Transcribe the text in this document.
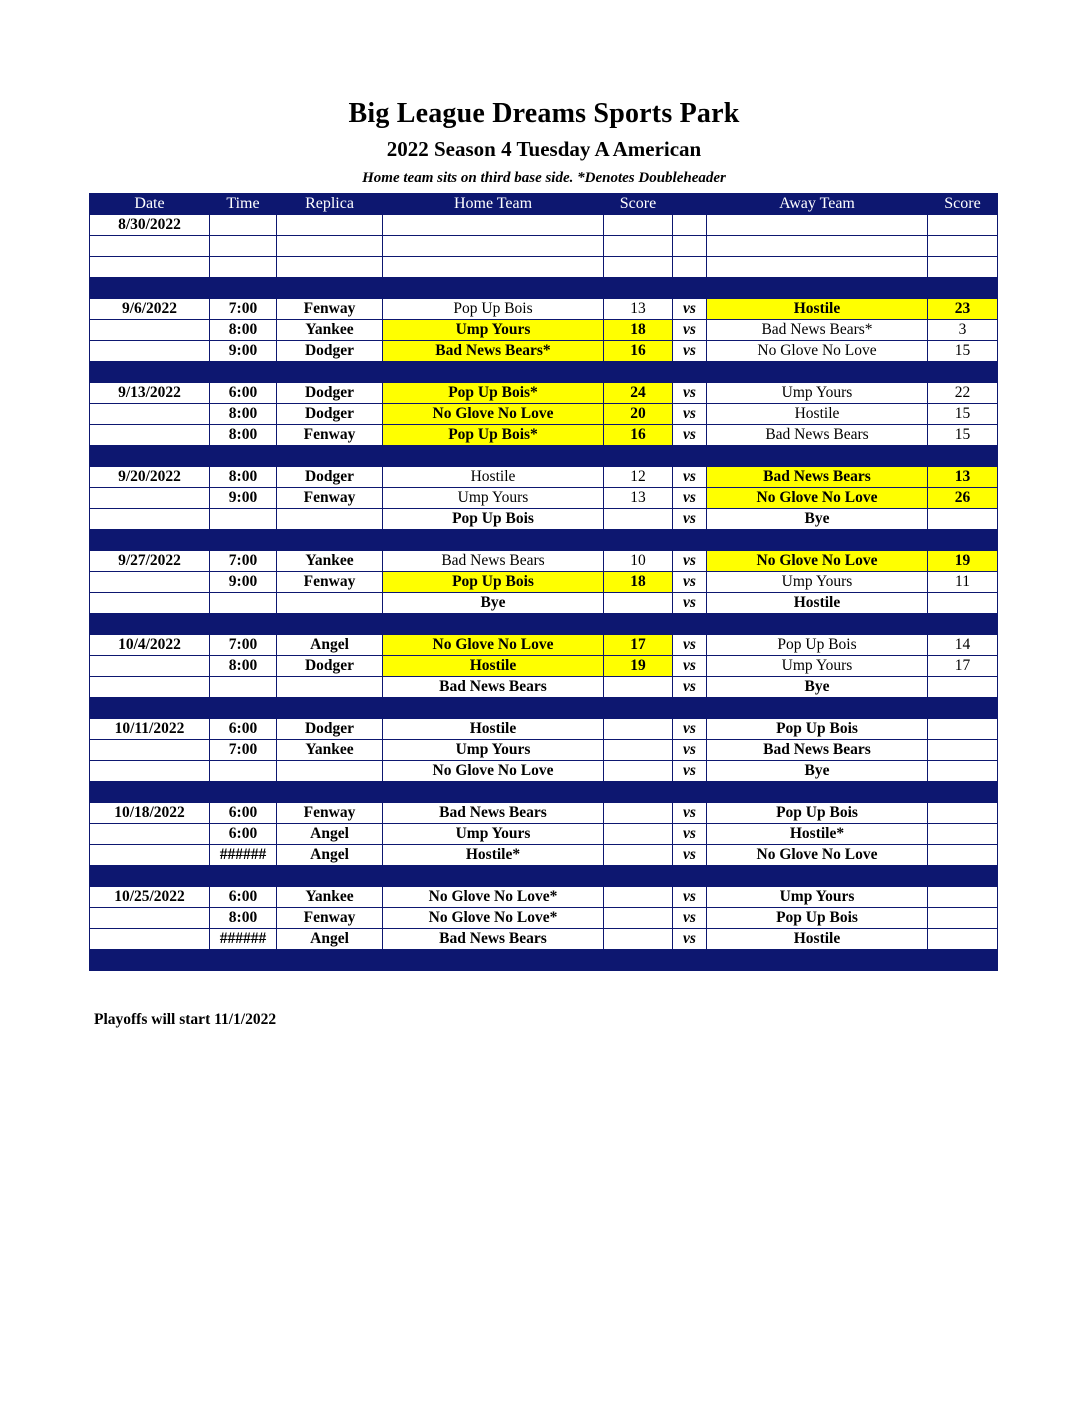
Big League Dreams Sports Park
2022 Season 4 Tuesday A American
Home team sits on third base side. *Denotes Doubleheader
Date	Time	Replica	Home Team	Score		Away Team	Score
8/30/2022							

9/6/2022	7:00	Fenway	Pop Up Bois	13	vs	Hostile	23
	8:00	Yankee	Ump Yours	18	vs	Bad News Bears*	3
	9:00	Dodger	Bad News Bears*	16	vs	No Glove No Love	15

9/13/2022	6:00	Dodger	Pop Up Bois*	24	vs	Ump Yours	22
	8:00	Dodger	No Glove No Love	20	vs	Hostile	15
	8:00	Fenway	Pop Up Bois*	16	vs	Bad News Bears	15

9/20/2022	8:00	Dodger	Hostile	12	vs	Bad News Bears	13
	9:00	Fenway	Ump Yours	13	vs	No Glove No Love	26
			Pop Up Bois		vs	Bye	

9/27/2022	7:00	Yankee	Bad News Bears	10	vs	No Glove No Love	19
	9:00	Fenway	Pop Up Bois	18	vs	Ump Yours	11
			Bye		vs	Hostile	

10/4/2022	7:00	Angel	No Glove No Love	17	vs	Pop Up Bois	14
	8:00	Dodger	Hostile	19	vs	Ump Yours	17
			Bad News Bears		vs	Bye	

10/11/2022	6:00	Dodger	Hostile		vs	Pop Up Bois	
	7:00	Yankee	Ump Yours		vs	Bad News Bears	
			No Glove No Love		vs	Bye	

10/18/2022	6:00	Fenway	Bad News Bears		vs	Pop Up Bois	
	6:00	Angel	Ump Yours		vs	Hostile*	
	######	Angel	Hostile*		vs	No Glove No Love	

10/25/2022	6:00	Yankee	No Glove No Love*		vs	Ump Yours	
	8:00	Fenway	No Glove No Love*		vs	Pop Up Bois	
	######	Angel	Bad News Bears		vs	Hostile	

Playoffs will start 11/1/2022
